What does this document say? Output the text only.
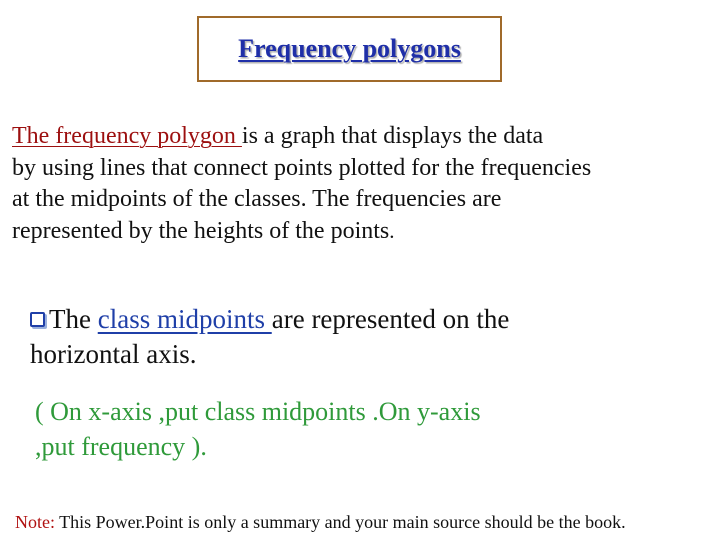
Frequency polygons
The frequency polygon is a graph that displays the data
by using lines that connect points plotted for the frequencies
at the midpoints of the classes. The frequencies are
represented by the heights of the points.
The class midpoints are represented on the
horizontal axis.
( On x-axis ,put class midpoints .On y-axis
,put frequency ).
Note: This Power.Point is only a summary and your main source should be the book.
